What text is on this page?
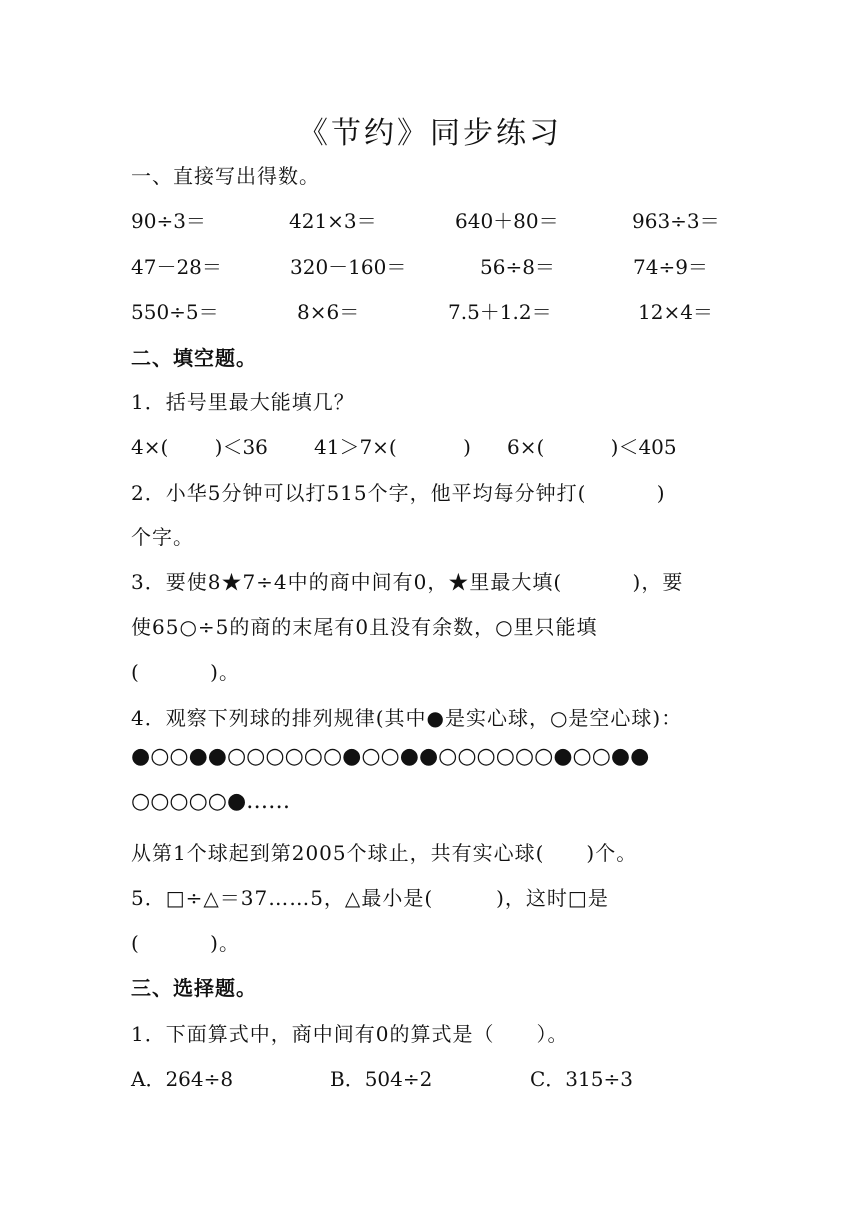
《节约》同步练习
一、直接写出得数。
90÷3＝	421×3＝	640＋80＝	963÷3＝
47－28＝	320－160＝	56÷8＝	74÷9＝
550÷5＝	8×6＝	7.5＋1.2＝	12×4＝
二、填空题。
1．括号里最大能填几？
4×(　　 )＜36 41＞7×(　　 　) 6×(　　 　)＜405
2．小华5分钟可以打515个字，他平均每分钟打(　　　 )
个字。
3．要使8★7÷4中的商中间有0，★里最大填(　　　 )，要
使65○÷5的商的末尾有0且没有余数，○里只能填
(　　　 )。
4．观察下列球的排列规律(其中●是实心球，○是空心球)：
●○○●●○○○○○○●○○●●○○○○○○●○○●●
○○○○○●……
从第1个球起到第2005个球止，共有实心球(　　)个。
5．□÷△＝37……5，△最小是(　　　)，这时□是
(　　　 )。
三、选择题。
1．下面算式中，商中间有0的算式是（　　）。
A．264÷8	B．504÷2	C．315÷3
